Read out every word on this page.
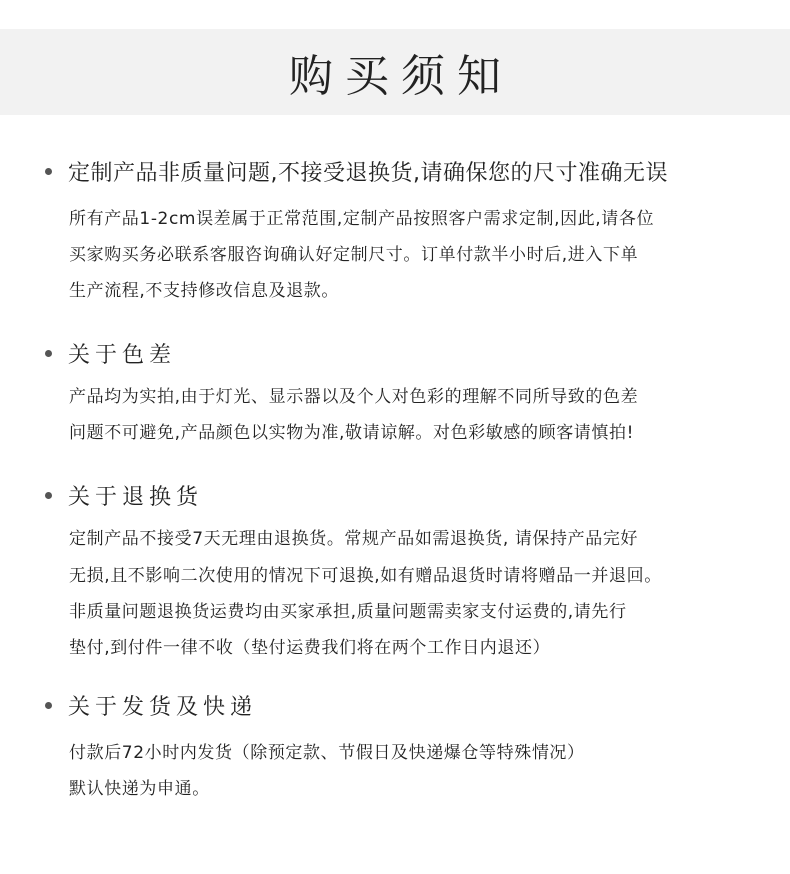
购买须知
定制产品非质量问题,不接受退换货,请确保您的尺寸准确无误
所有产品1-2cm误差属于正常范围,定制产品按照客户需求定制,因此,请各位
买家购买务必联系客服咨询确认好定制尺寸。订单付款半小时后,进入下单
生产流程,不支持修改信息及退款。
关于色差
产品均为实拍,由于灯光、显示器以及个人对色彩的理解不同所导致的色差
问题不可避免,产品颜色以实物为准,敬请谅解。对色彩敏感的顾客请慎拍!
关于退换货
定制产品不接受7天无理由退换货。常规产品如需退换货, 请保持产品完好
无损,且不影响二次使用的情况下可退换,如有赠品退货时请将赠品一并退回。
非质量问题退换货运费均由买家承担,质量问题需卖家支付运费的,请先行
垫付,到付件一律不收（垫付运费我们将在两个工作日内退还）
关于发货及快递
付款后72小时内发货（除预定款、节假日及快递爆仓等特殊情况）
默认快递为申通。
